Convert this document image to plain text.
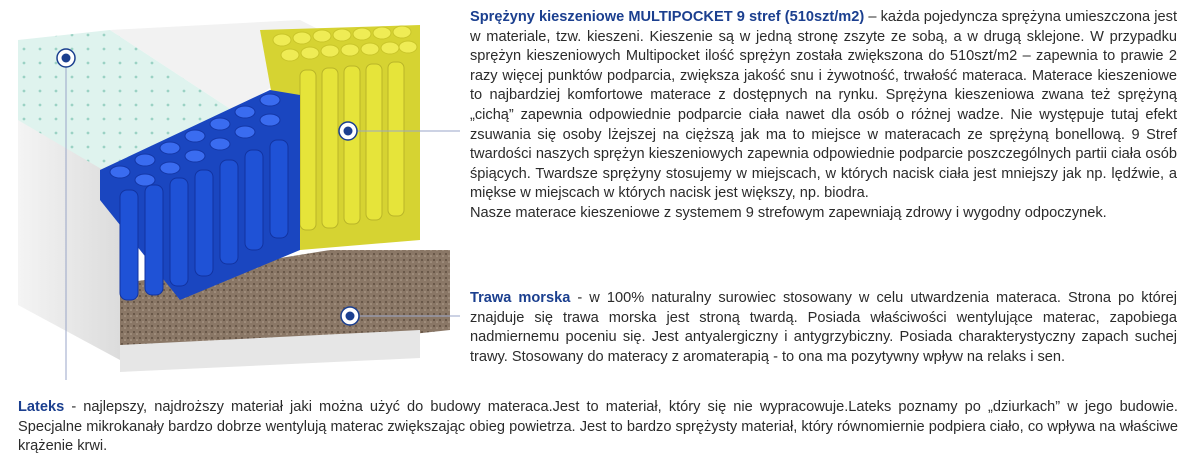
Sprężyny kieszeniowe MULTIPOCKET 9 stref (510szt/m2) – każda pojedyncza sprężyna umieszczona jest w materiale, tzw. kieszeni. Kieszenie są w jedną stronę zszyte ze sobą, a w drugą sklejone. W przypadku sprężyn kieszeniowych Multipocket ilość sprężyn została zwiększona do 510szt/m2 – zapewnia to prawie 2 razy więcej punktów podparcia, zwiększa jakość snu i żywotność, trwałość materaca. Materace kieszeniowe to najbardziej komfortowe materace z dostępnych na rynku. Sprężyna kieszeniowa zwana też sprężyną „cichą” zapewnia odpowiednie podparcie ciała nawet dla osób o różnej wadze. Nie występuje tutaj efekt zsuwania się osoby lżejszej na cięższą jak ma to miejsce w materacach ze sprężyną bonellową. 9 Stref twardości naszych sprężyn kieszeniowych zapewnia odpowiednie podparcie poszczególnych partii ciała osób śpiących. Twardsze sprężyny stosujemy w miejscach, w których nacisk ciała jest mniejszy jak np. lędźwie, a miękse w miejscach w których nacisk jest większy, np. biodra.

Nasze materace kieszeniowe z systemem 9 strefowym zapewniają zdrowy i wygodny odpoczynek.

Trawa morska - w 100% naturalny surowiec stosowany w celu utwardzenia materaca. Strona po której znajduje się trawa morska jest stroną twardą. Posiada właściwości wentylujące materac, zapobiega nadmiernemu poceniu się. Jest antyalergiczny i antygrzybiczny. Posiada charakterystyczny zapach suchej trawy. Stosowany do materacy z aromaterapią - to ona ma pozytywny wpływ na relaks i sen.

Lateks - najlepszy, najdroższy materiał jaki można użyć do budowy materaca.Jest to materiał, który się nie wypracowuje.Lateks poznamy po „dziurkach” w jego budowie. Specjalne mikrokanały bardzo dobrze wentylują materac zwiększając obieg powietrza. Jest to bardzo sprężysty materiał, który równomiernie podpiera ciało, co wpływa na właściwe krążenie krwi.
